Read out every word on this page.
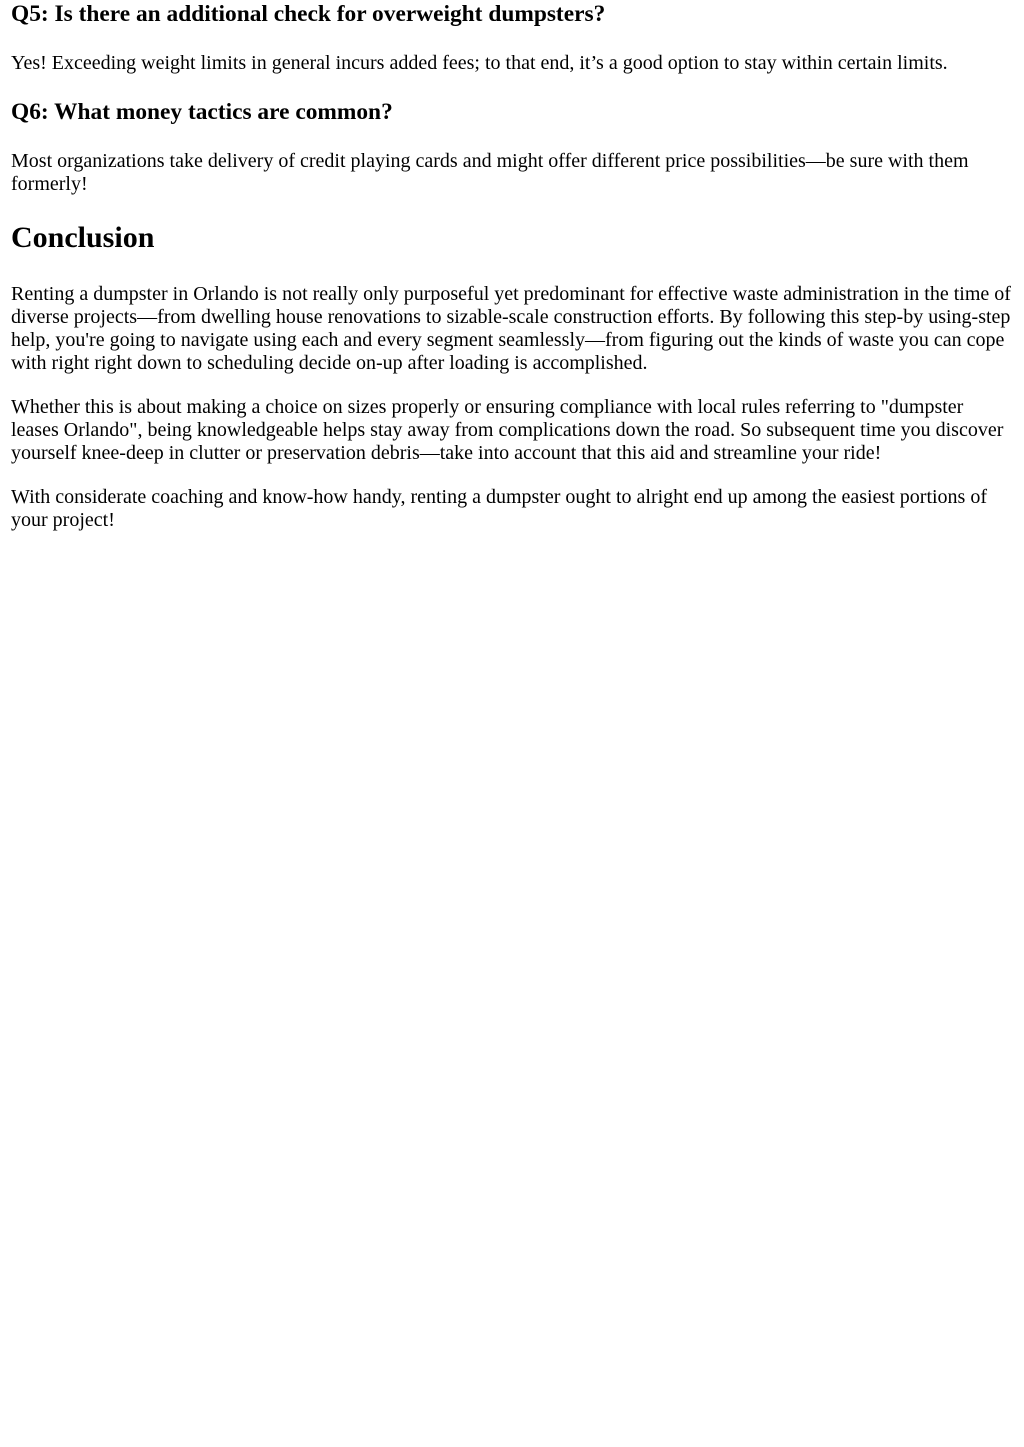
Q5: Is there an additional check for overweight dumpsters?

Yes! Exceeding weight limits in general incurs added fees; to that end, it’s a good option to stay within certain limits.

Q6: What money tactics are common?

Most organizations take delivery of credit playing cards and might offer different price possibilities—be sure with them formerly!

Conclusion

Renting a dumpster in Orlando is not really only purposeful yet predominant for effective waste administration in the time of diverse projects—from dwelling house renovations to sizable-scale construction efforts. By following this step-by using-step help, you're going to navigate using each and every segment seamlessly—from figuring out the kinds of waste you can cope with right right down to scheduling decide on-up after loading is accomplished.

Whether this is about making a choice on sizes properly or ensuring compliance with local rules referring to "dumpster leases Orlando", being knowledgeable helps stay away from complications down the road. So subsequent time you discover yourself knee-deep in clutter or preservation debris—take into account that this aid and streamline your ride!

With considerate coaching and know-how handy, renting a dumpster ought to alright end up among the easiest portions of your project!
